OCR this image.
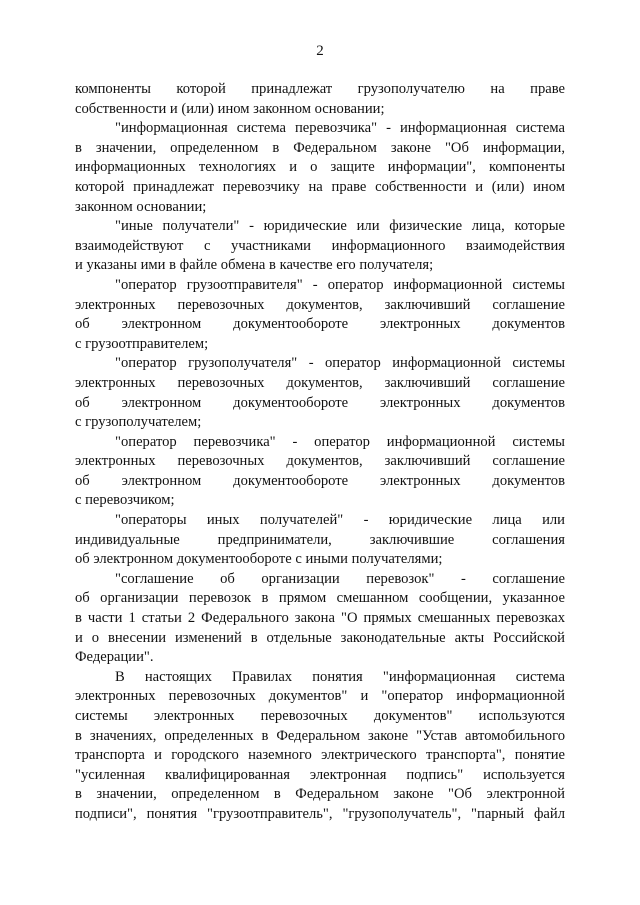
2
компоненты которой принадлежат грузополучателю на праве
собственности и (или) ином законном основании;
"информационная система перевозчика" - информационная система
в значении, определенном в Федеральном законе "Об информации,
информационных технологиях и о защите информации", компоненты
которой принадлежат перевозчику на праве собственности и (или) ином
законном основании;
"иные получатели" - юридические или физические лица, которые
взаимодействуют с участниками информационного взаимодействия
и указаны ими в файле обмена в качестве его получателя;
"оператор грузоотправителя" - оператор информационной системы
электронных перевозочных документов, заключивший соглашение
об электронном документообороте электронных документов
с грузоотправителем;
"оператор грузополучателя" - оператор информационной системы
электронных перевозочных документов, заключивший соглашение
об электронном документообороте электронных документов
с грузополучателем;
"оператор перевозчика" - оператор информационной системы
электронных перевозочных документов, заключивший соглашение
об электронном документообороте электронных документов
с перевозчиком;
"операторы иных получателей" - юридические лица или
индивидуальные предприниматели, заключившие соглашения
об электронном документообороте с иными получателями;
"соглашение об организации перевозок" - соглашение
об организации перевозок в прямом смешанном сообщении, указанное
в части 1 статьи 2 Федерального закона "О прямых смешанных перевозках
и о внесении изменений в отдельные законодательные акты Российской
Федерации".
В настоящих Правилах понятия "информационная система
электронных перевозочных документов" и "оператор информационной
системы электронных перевозочных документов" используются
в значениях, определенных в Федеральном законе "Устав автомобильного
транспорта и городского наземного электрического транспорта", понятие
"усиленная квалифицированная электронная подпись" используется
в значении, определенном в Федеральном законе "Об электронной
подписи", понятия "грузоотправитель", "грузополучатель", "парный файл
